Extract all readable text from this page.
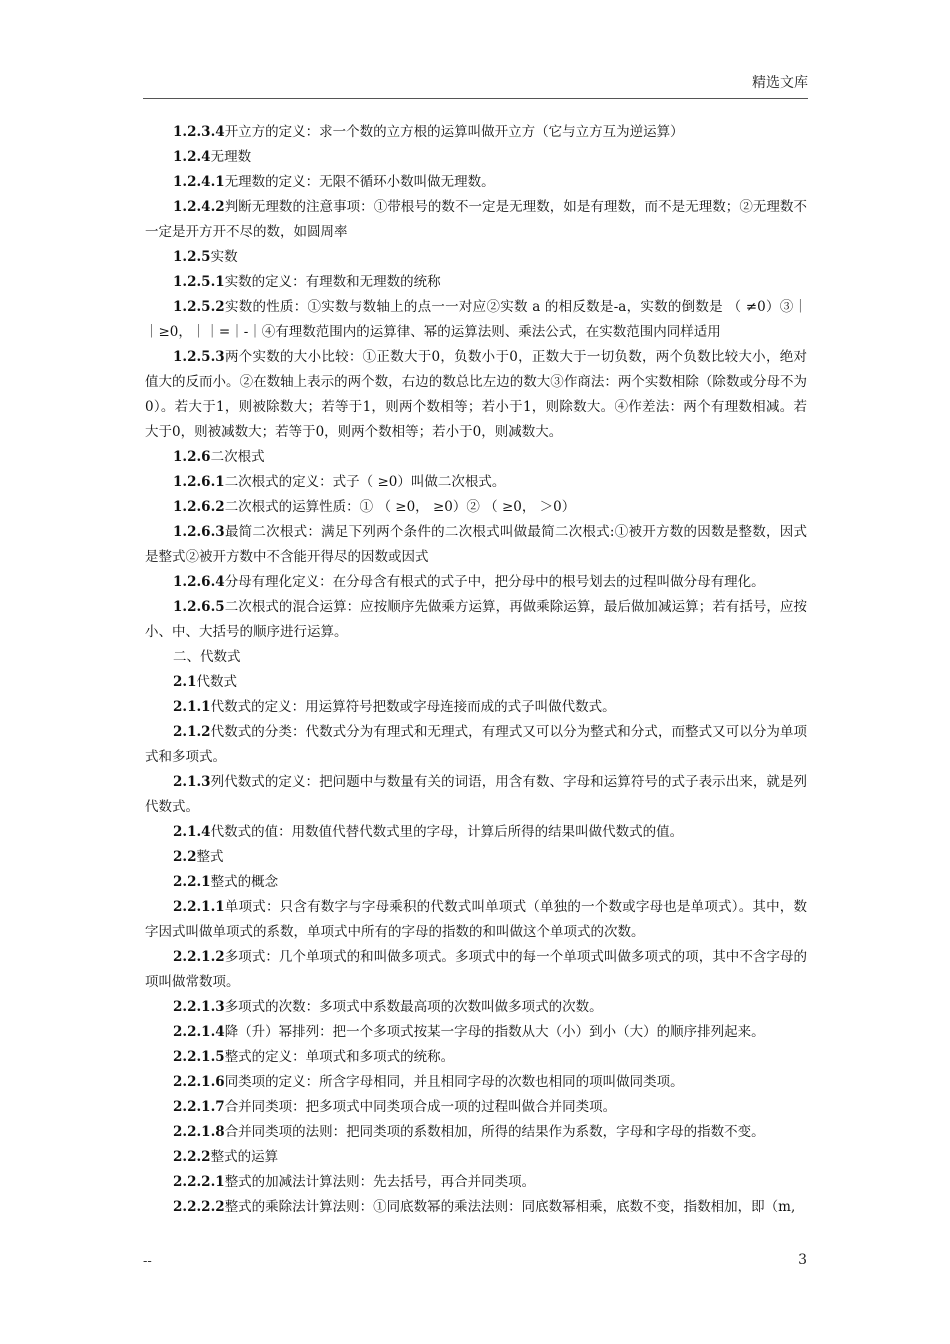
精选文库

1.2.3.4开立方的定义：求一个数的立方根的运算叫做开立方（它与立方互为逆运算）

1.2.4无理数

1.2.4.1无理数的定义：无限不循环小数叫做无理数。

1.2.4.2判断无理数的注意事项：①带根号的数不一定是无理数，如是有理数，而不是无理数；②无理数不一定是开方开不尽的数，如圆周率

1.2.5实数

1.2.5.1实数的定义：有理数和无理数的统称

1.2.5.2实数的性质：①实数与数轴上的点一一对应②实数 a 的相反数是-a，实数的倒数是 （ ≠0）③｜｜≥0，｜｜=｜-｜④有理数范围内的运算律、幂的运算法则、乘法公式，在实数范围内同样适用

1.2.5.3两个实数的大小比较：①正数大于0，负数小于0，正数大于一切负数，两个负数比较大小，绝对值大的反而小。②在数轴上表示的两个数，右边的数总比左边的数大③作商法：两个实数相除（除数或分母不为0）。若大于1，则被除数大；若等于1，则两个数相等；若小于1，则除数大。④作差法：两个有理数相减。若大于0，则被减数大；若等于0，则两个数相等；若小于0，则减数大。

1.2.6二次根式

1.2.6.1二次根式的定义：式子（ ≥0）叫做二次根式。

1.2.6.2二次根式的运算性质：① （ ≥0， ≥0）② （ ≥0， ＞0）

1.2.6.3最简二次根式：满足下列两个条件的二次根式叫做最简二次根式:①被开方数的因数是整数，因式是整式②被开方数中不含能开得尽的因数或因式

1.2.6.4分母有理化定义：在分母含有根式的式子中，把分母中的根号划去的过程叫做分母有理化。

1.2.6.5二次根式的混合运算：应按顺序先做乘方运算，再做乘除运算，最后做加减运算；若有括号，应按小、中、大括号的顺序进行运算。

二、代数式

2.1代数式

2.1.1代数式的定义：用运算符号把数或字母连接而成的式子叫做代数式。

2.1.2代数式的分类：代数式分为有理式和无理式，有理式又可以分为整式和分式，而整式又可以分为单项式和多项式。

2.1.3列代数式的定义：把问题中与数量有关的词语，用含有数、字母和运算符号的式子表示出来，就是列代数式。

2.1.4代数式的值：用数值代替代数式里的字母，计算后所得的结果叫做代数式的值。

2.2整式

2.2.1整式的概念

2.2.1.1单项式：只含有数字与字母乘积的代数式叫单项式（单独的一个数或字母也是单项式）。其中，数字因式叫做单项式的系数，单项式中所有的字母的指数的和叫做这个单项式的次数。

2.2.1.2多项式：几个单项式的和叫做多项式。多项式中的每一个单项式叫做多项式的项，其中不含字母的项叫做常数项。

2.2.1.3多项式的次数：多项式中系数最高项的次数叫做多项式的次数。

2.2.1.4降（升）幂排列：把一个多项式按某一字母的指数从大（小）到小（大）的顺序排列起来。

2.2.1.5整式的定义：单项式和多项式的统称。

2.2.1.6同类项的定义：所含字母相同，并且相同字母的次数也相同的项叫做同类项。

2.2.1.7合并同类项：把多项式中同类项合成一项的过程叫做合并同类项。

2.2.1.8合并同类项的法则：把同类项的系数相加，所得的结果作为系数，字母和字母的指数不变。

2.2.2整式的运算

2.2.2.1整式的加减法计算法则：先去括号，再合并同类项。

2.2.2.2整式的乘除法计算法则：①同底数幂的乘法法则：同底数幂相乘，底数不变，指数相加，即（m,

--	3
